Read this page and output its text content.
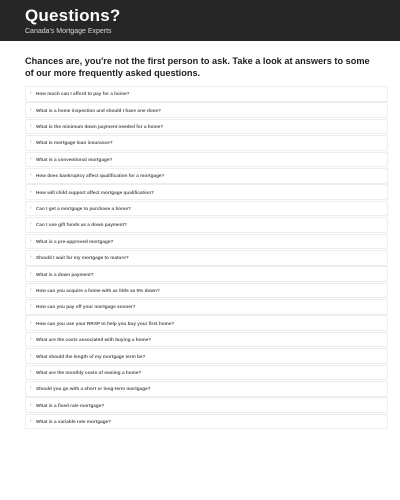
Questions?
Canada's Mortgage Experts
Chances are, you're not the first person to ask. Take a look at answers to some of our more frequently asked questions.
› How much can I afford to pay for a home?
› What is a home inspection and should I have one done?
› What is the minimum down payment needed for a home?
› What is mortgage loan insurance?
› What is a conventional mortgage?
› How does bankruptcy affect qualification for a mortgage?
› How will child support affect mortgage qualification?
› Can I get a mortgage to purchase a home?
› Can I use gift funds as a down payment?
› What is a pre-approved mortgage?
› Should I wait for my mortgage to mature?
› What is a down payment?
› How can you acquire a home with as little as 5% down?
› How can you pay off your mortgage sooner?
› How can you use your RRSP to help you buy your first home?
› What are the costs associated with buying a home?
› What should the length of my mortgage term be?
› What are the monthly costs of owning a home?
› Should you go with a short or long-term mortgage?
› What is a fixed rate mortgage?
› What is a variable rate mortgage?
